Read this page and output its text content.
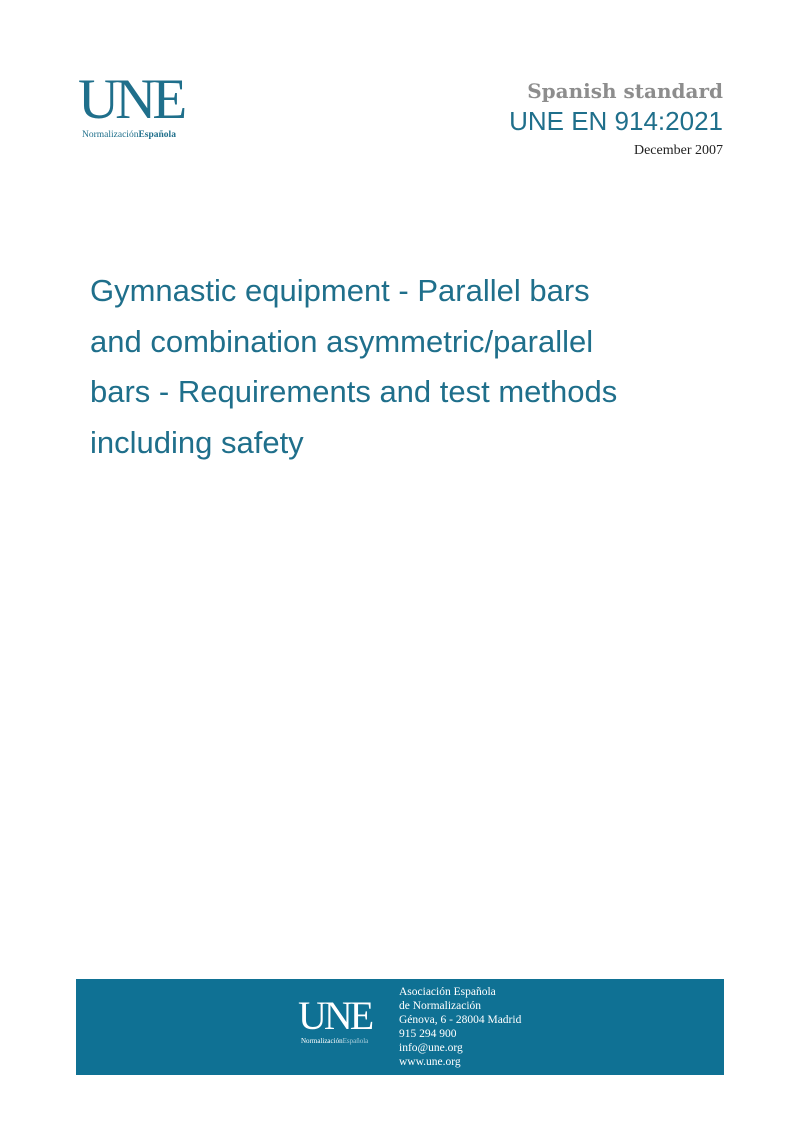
UNE
NormalizaciónEspañola
Spanish standard
UNE EN 914:2021
December 2007
Gymnastic equipment - Parallel bars
and combination asymmetric/parallel
bars - Requirements and test methods
including safety
UNE
NormalizaciónEspañola
Asociación Española
de Normalización
Génova, 6 - 28004 Madrid
915 294 900
info@une.org
www.une.org
